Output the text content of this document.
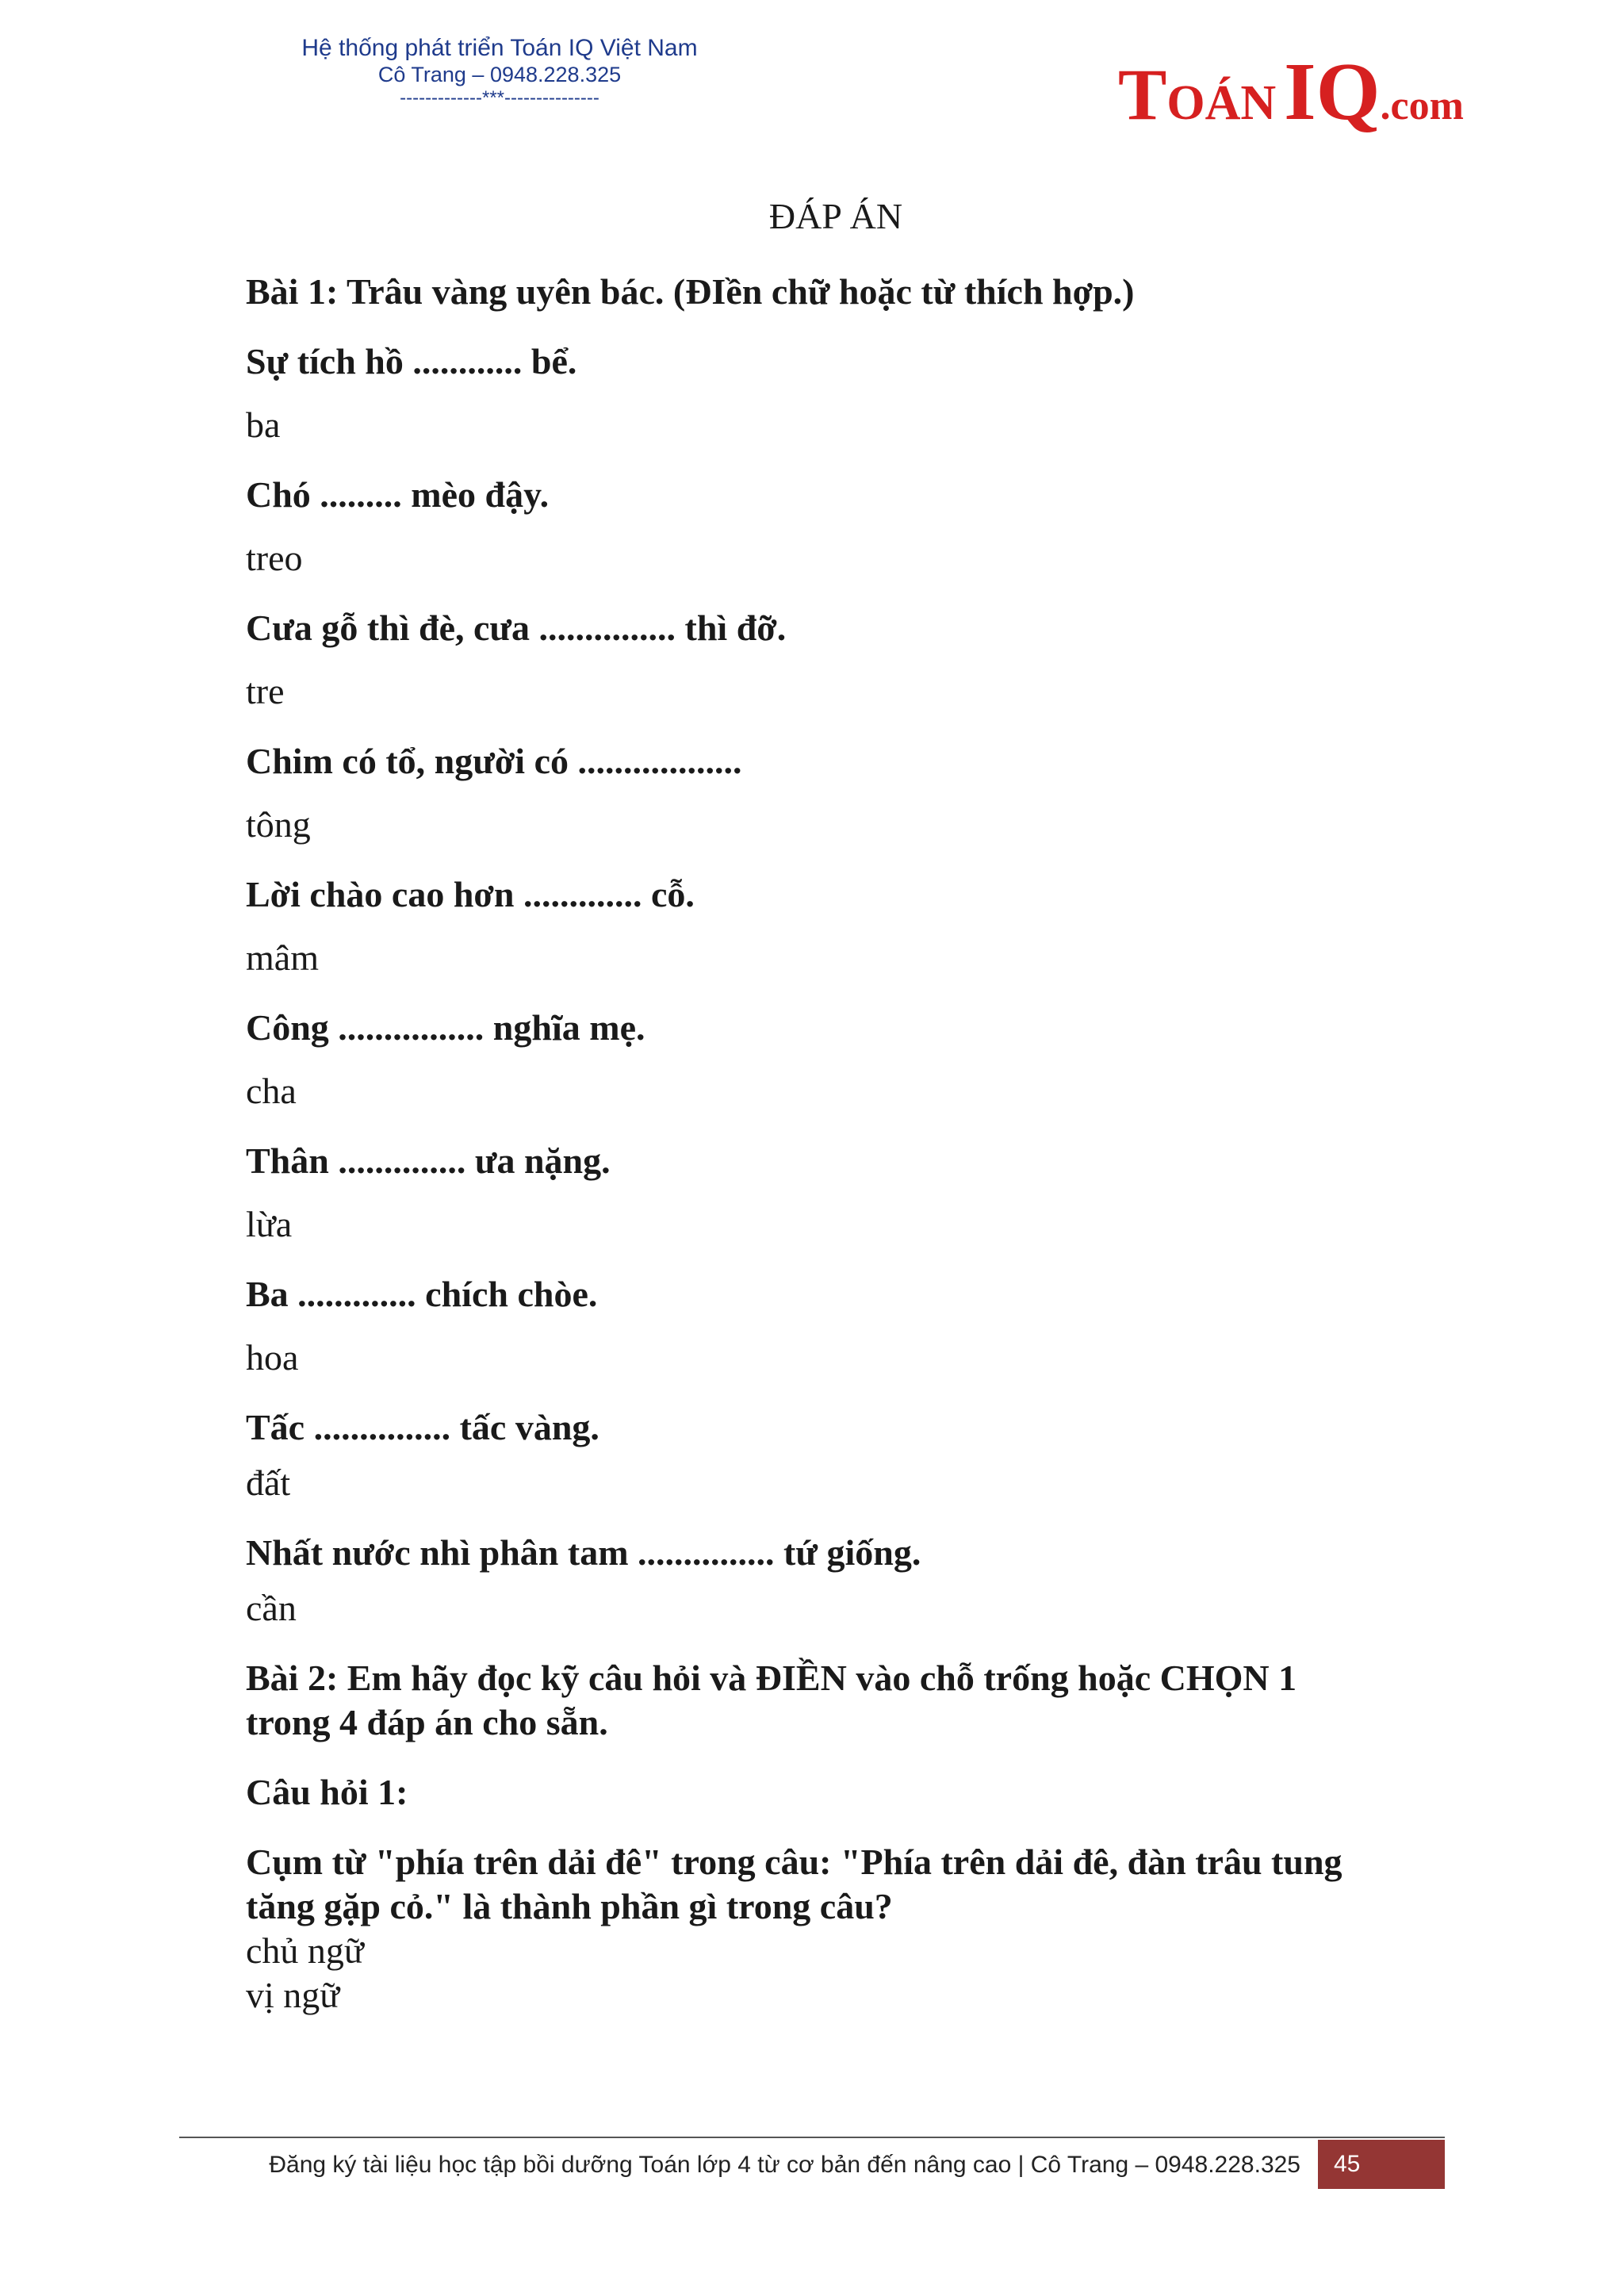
Hệ thống phát triển Toán IQ Việt Nam
Cô Trang – 0948.228.325
-------------***---------------	TOÁNIQ.com
ĐÁP ÁN
Bài 1: Trâu vàng uyên bác. (ĐIền chữ hoặc từ thích hợp.)
Sự tích hồ ............ bể.
ba
Chó ......... mèo đậy.
treo
Cưa gỗ thì đè, cưa ............... thì đỡ.
tre
Chim có tổ, người có ..................
tông
Lời chào cao hơn ............. cỗ.
mâm
Công ................ nghĩa mẹ.
cha
Thân .............. ưa nặng.
lừa
Ba ............. chích chòe.
hoa
Tấc ............... tấc vàng.
đất
Nhất nước nhì phân tam ............... tứ giống.
cần
Bài 2: Em hãy đọc kỹ câu hỏi và ĐIỀN vào chỗ trống hoặc CHỌN 1
trong 4 đáp án cho sẵn.
Câu hỏi 1:
Cụm từ "phía trên dải đê" trong câu: "Phía trên dải đê, đàn trâu tung
tăng gặp cỏ." là thành phần gì trong câu?
chủ ngữ
vị ngữ
Đăng ký tài liệu học tập bồi dưỡng Toán lớp 4 từ cơ bản đến nâng cao | Cô Trang – 0948.228.325	45
